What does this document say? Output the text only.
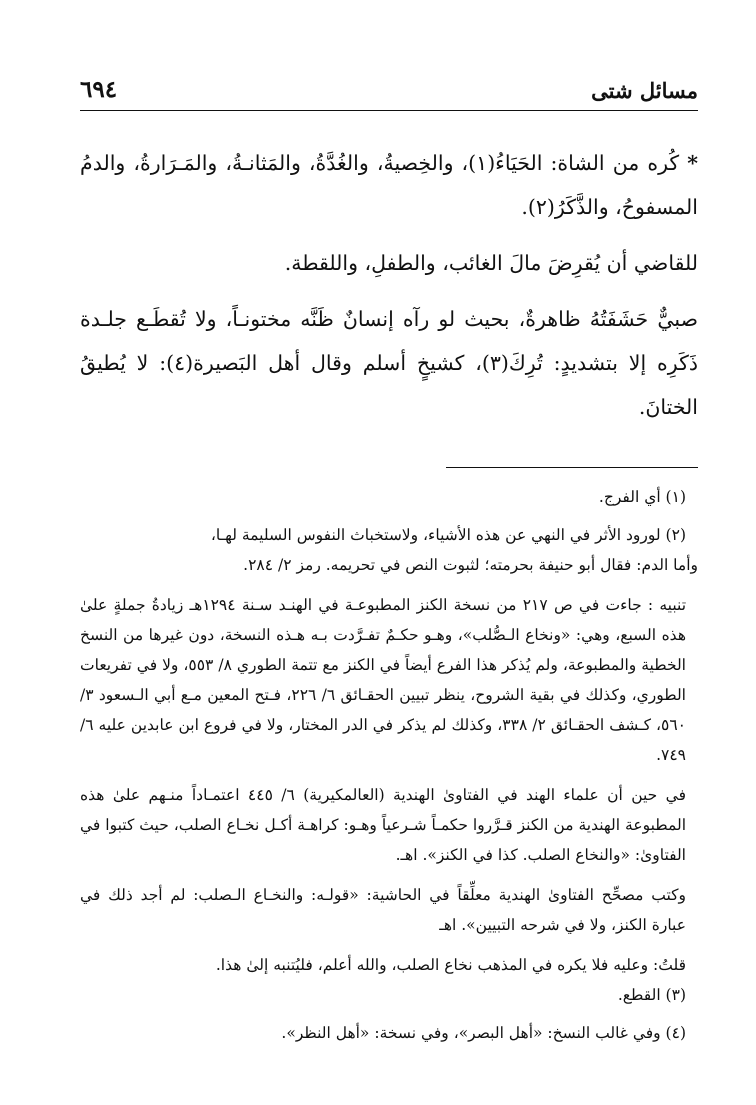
مسائل شتى
٦٩٤

* كُره من الشاة: الحَيَاءُ(١)، والخِصيةُ، والغُدَّةُ، والمَثانـةُ، والمَـرَارةُ، والدمُ المسفوحُ، والذَّكَرُ(٢).

للقاضي أن يُقرِضَ مالَ الغائب، والطفلِ، واللقطة.

صبيٌّ حَشَفَتُهُ ظاهرةٌ، بحيث لو رآه إنسانٌ ظَنَّه مختونـاً، ولا تُقطَـع جلـدة ذَكَرِه إلا بتشديدٍ: تُرِكَ(٣)، كشيخٍ أسلم وقال أهل البَصيرة(٤): لا يُطيقُ الختانَ.

(١) أي الفرج.

(٢) لورود الأثر في النهي عن هذه الأشياء، ولاستخباث النفوس السليمة لهـا،

وأما الدم: فقال أبو حنيفة بحرمته؛ لثبوت النص في تحريمه. رمز ٢/ ٢٨٤.

تنبيه : جاءت في ص ٢١٧ من نسخة الكنز المطبوعـة في الهنـد سـنة ١٢٩٤هـ زيادةُ جملةٍ علىٰ هذه السبع، وهي: «ونخاع الـصُّلب»، وهـو حكـمٌ تفـرَّدت بـه هـذه النسخة، دون غيرها من النسخ الخطية والمطبوعة، ولم يُذكر هذا الفرع أيضاً في الكنز مع تتمة الطوري ٨/ ٥٥٣، ولا في تفريعات الطوري، وكذلك في بقية الشروح، ينظر تبيين الحقـائق ٦/ ٢٢٦، فـتح المعين مـع أبي الـسعود ٣/ ٥٦٠، كـشف الحقـائق ٢/ ٣٣٨، وكذلك لم يذكر في الدر المختار، ولا في فروع ابن عابدين عليه ٦/ ٧٤٩.

في حين أن علماء الهند في الفتاوىٰ الهندية (العالمكيرية) ٦/ ٤٤٥ اعتمـاداً منـهم علىٰ هذه المطبوعة الهندية من الكنز قـرَّروا حكمـاً شـرعياً وهـو: كراهـة أكـل نخـاع الصلب، حيث كتبوا في الفتاوىٰ: «والنخاع الصلب. كذا في الكنز». اهـ.

وكتب مصحِّح الفتاوىٰ الهندية معلِّقاً في الحاشية: «قولـه: والنخـاع الـصلب: لم أجد ذلك في عبارة الكنز، ولا في شرحه التبيين». اهـ

قلتُ: وعليه فلا يكره في المذهب نخاع الصلب، والله أعلم، فليُتنبه إلىٰ هذا.

(٣) القطع.

(٤) وفي غالب النسخ: «أهل البصر»، وفي نسخة: «أهل النظر».
